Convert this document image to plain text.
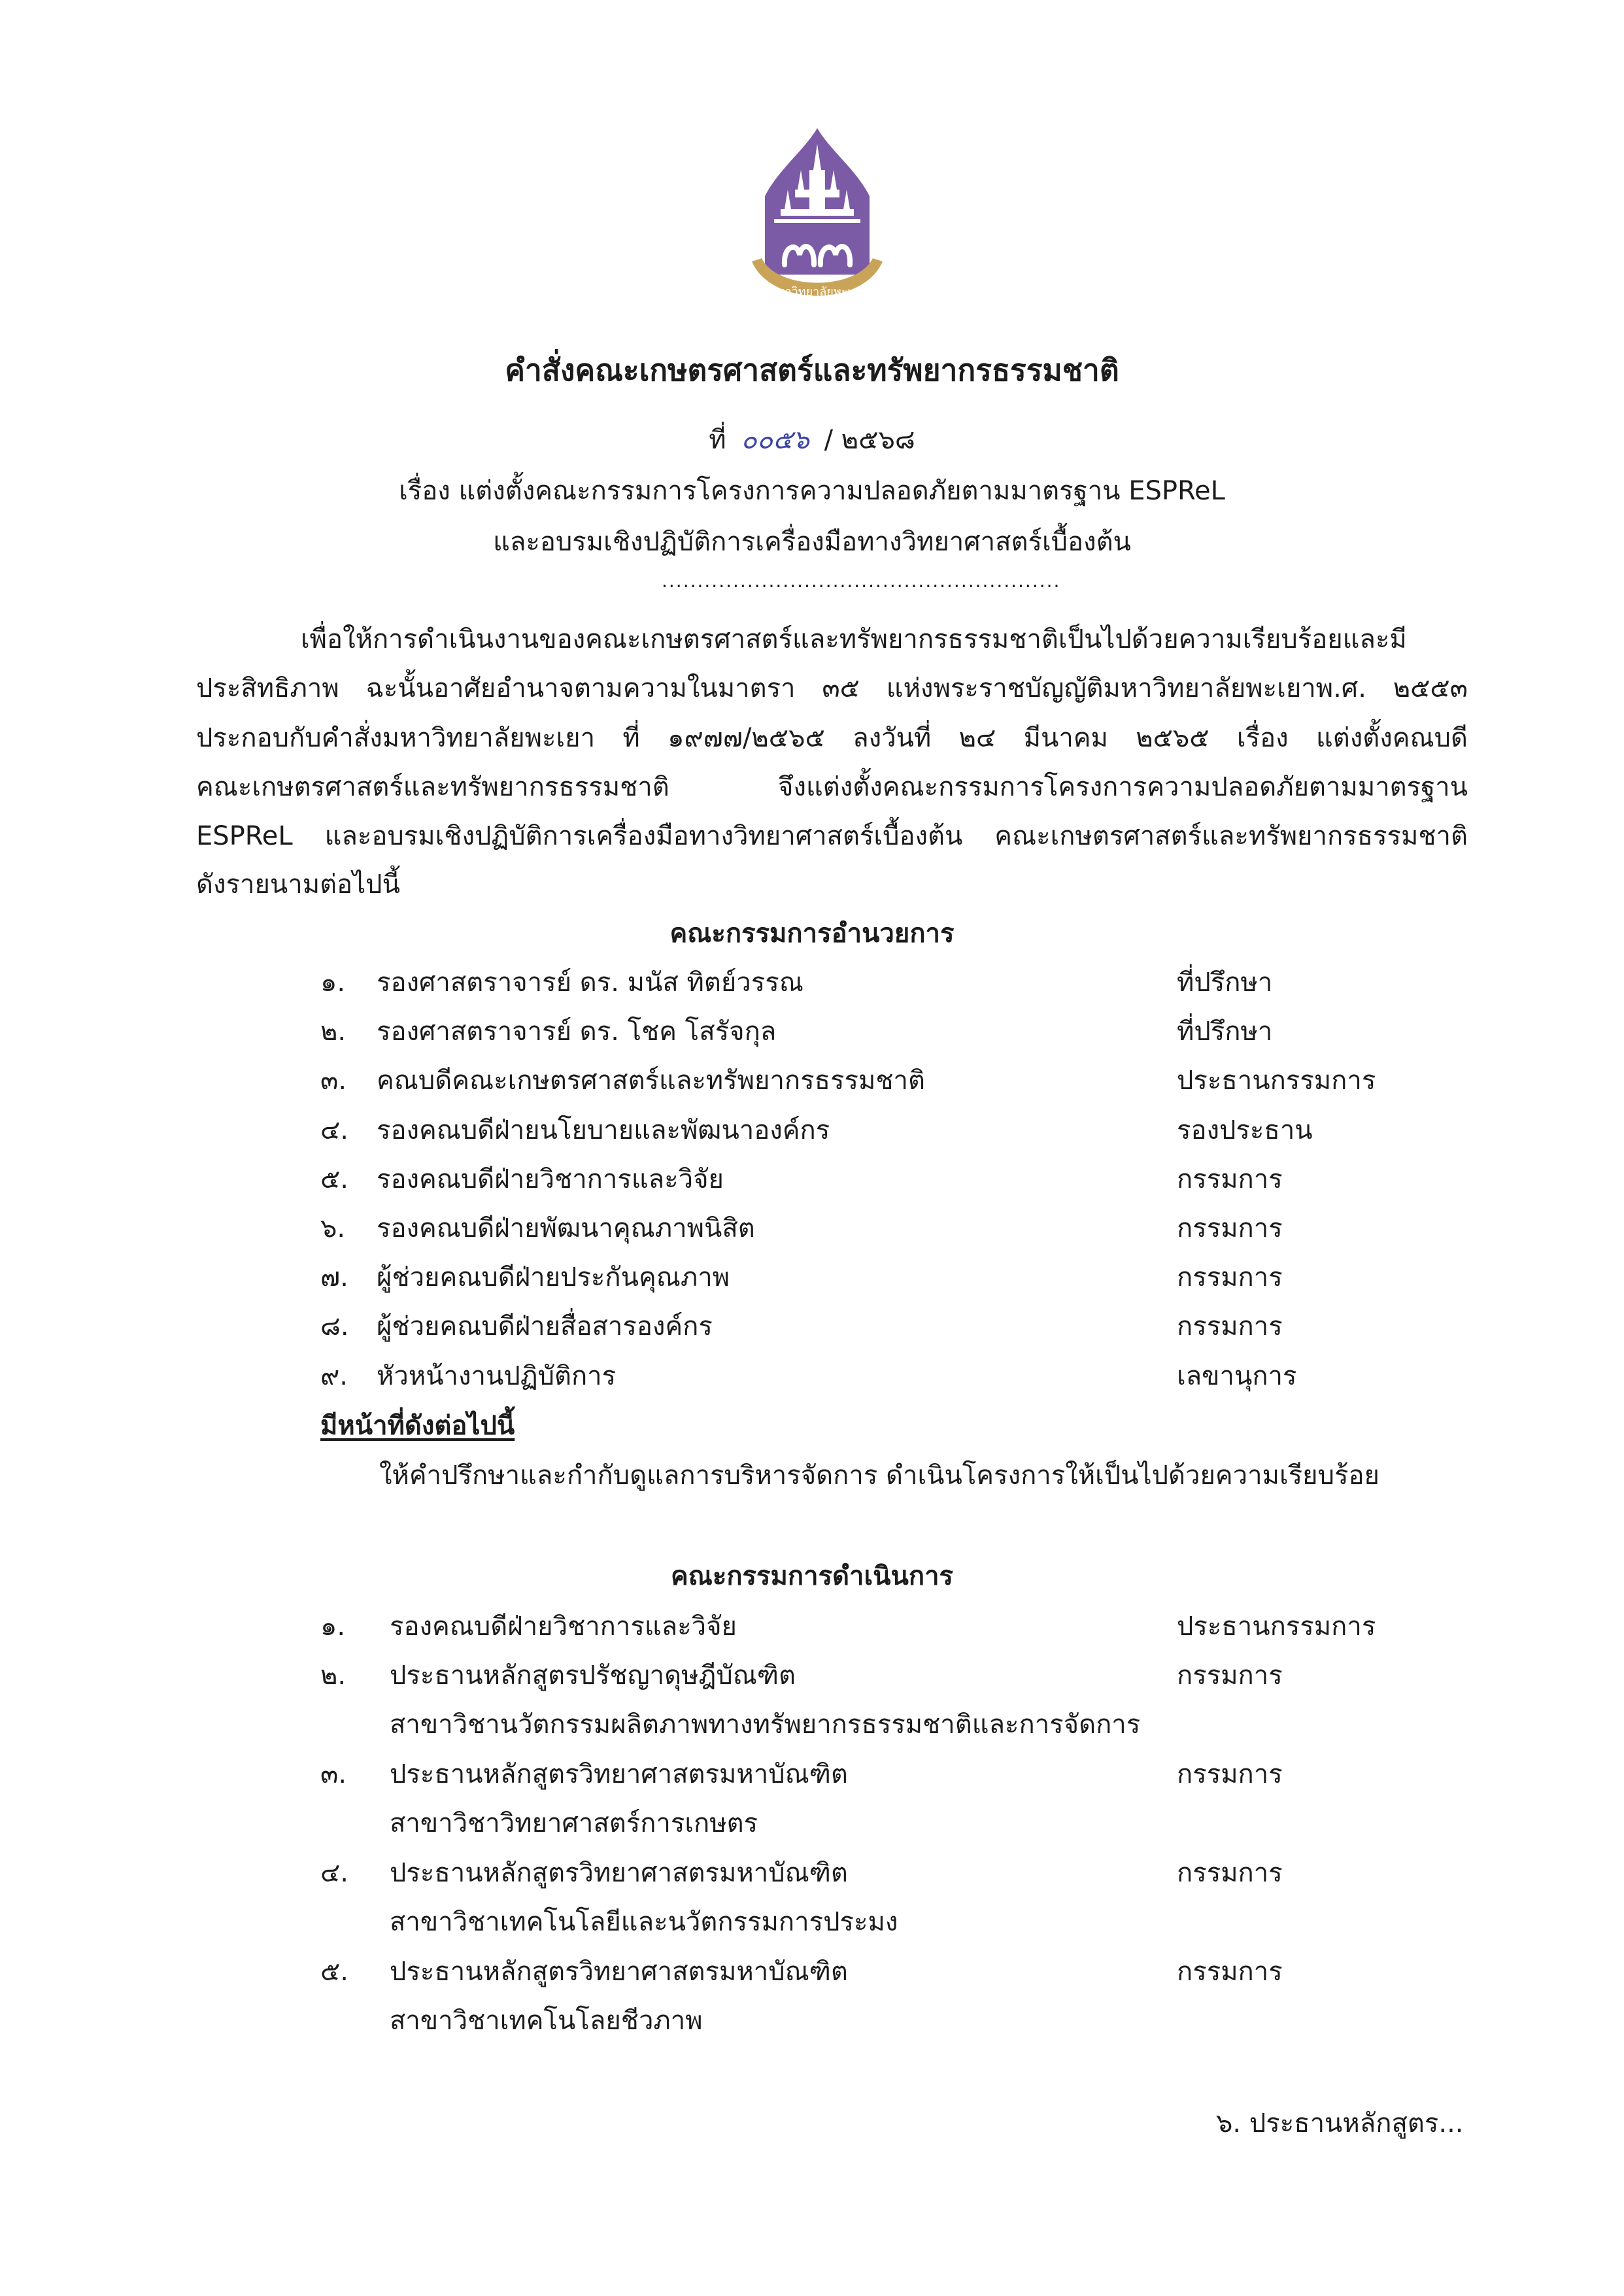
มหาวิทยาลัยพะเยา
คำสั่งคณะเกษตรศาสตร์และทรัพยากรธรรมชาติ
ที่ ๐๐๕๖ / ๒๕๖๘
เรื่อง แต่งตั้งคณะกรรมการโครงการความปลอดภัยตามมาตรฐาน ESPReL
และอบรมเชิงปฏิบัติการเครื่องมือทางวิทยาศาสตร์เบื้องต้น
........................................................
เพื่อให้การดำเนินงานของคณะเกษตรศาสตร์และทรัพยากรธรรมชาติเป็นไปด้วยความเรียบร้อยและมี
ประสิทธิภาพ ฉะนั้นอาศัยอำนาจตามความในมาตรา ๓๕ แห่งพระราชบัญญัติมหาวิทยาลัยพะเยาพ.ศ. ๒๕๕๓
ประกอบกับคำสั่งมหาวิทยาลัยพะเยา ที่ ๑๙๗๗/๒๕๖๕ ลงวันที่ ๒๔ มีนาคม ๒๕๖๕ เรื่อง แต่งตั้งคณบดี
คณะเกษตรศาสตร์และทรัพยากรธรรมชาติ จึงแต่งตั้งคณะกรรมการโครงการความปลอดภัยตามมาตรฐาน
ESPReL และอบรมเชิงปฏิบัติการเครื่องมือทางวิทยาศาสตร์เบื้องต้น คณะเกษตรศาสตร์และทรัพยากรธรรมชาติ
ดังรายนามต่อไปนี้
คณะกรรมการอำนวยการ
๑.	รองศาสตราจารย์ ดร. มนัส ทิตย์วรรณ	ที่ปรึกษา
๒.	รองศาสตราจารย์ ดร. โชค โสรัจกุล	ที่ปรึกษา
๓.	คณบดีคณะเกษตรศาสตร์และทรัพยากรธรรมชาติ	ประธานกรรมการ
๔.	รองคณบดีฝ่ายนโยบายและพัฒนาองค์กร	รองประธาน
๕.	รองคณบดีฝ่ายวิชาการและวิจัย	กรรมการ
๖.	รองคณบดีฝ่ายพัฒนาคุณภาพนิสิต	กรรมการ
๗.	ผู้ช่วยคณบดีฝ่ายประกันคุณภาพ	กรรมการ
๘.	ผู้ช่วยคณบดีฝ่ายสื่อสารองค์กร	กรรมการ
๙.	หัวหน้างานปฏิบัติการ	เลขานุการ
มีหน้าที่ดังต่อไปนี้
ให้คำปรึกษาและกำกับดูแลการบริหารจัดการ ดำเนินโครงการให้เป็นไปด้วยความเรียบร้อย
คณะกรรมการดำเนินการ
๑.	รองคณบดีฝ่ายวิชาการและวิจัย	ประธานกรรมการ
๒.	ประธานหลักสูตรปรัชญาดุษฎีบัณฑิต	กรรมการ
สาขาวิชานวัตกรรมผลิตภาพทางทรัพยากรธรรมชาติและการจัดการ
๓.	ประธานหลักสูตรวิทยาศาสตรมหาบัณฑิต	กรรมการ
สาขาวิชาวิทยาศาสตร์การเกษตร
๔.	ประธานหลักสูตรวิทยาศาสตรมหาบัณฑิต	กรรมการ
สาขาวิชาเทคโนโลยีและนวัตกรรมการประมง
๕.	ประธานหลักสูตรวิทยาศาสตรมหาบัณฑิต	กรรมการ
สาขาวิชาเทคโนโลยชีวภาพ
๖. ประธานหลักสูตร...
